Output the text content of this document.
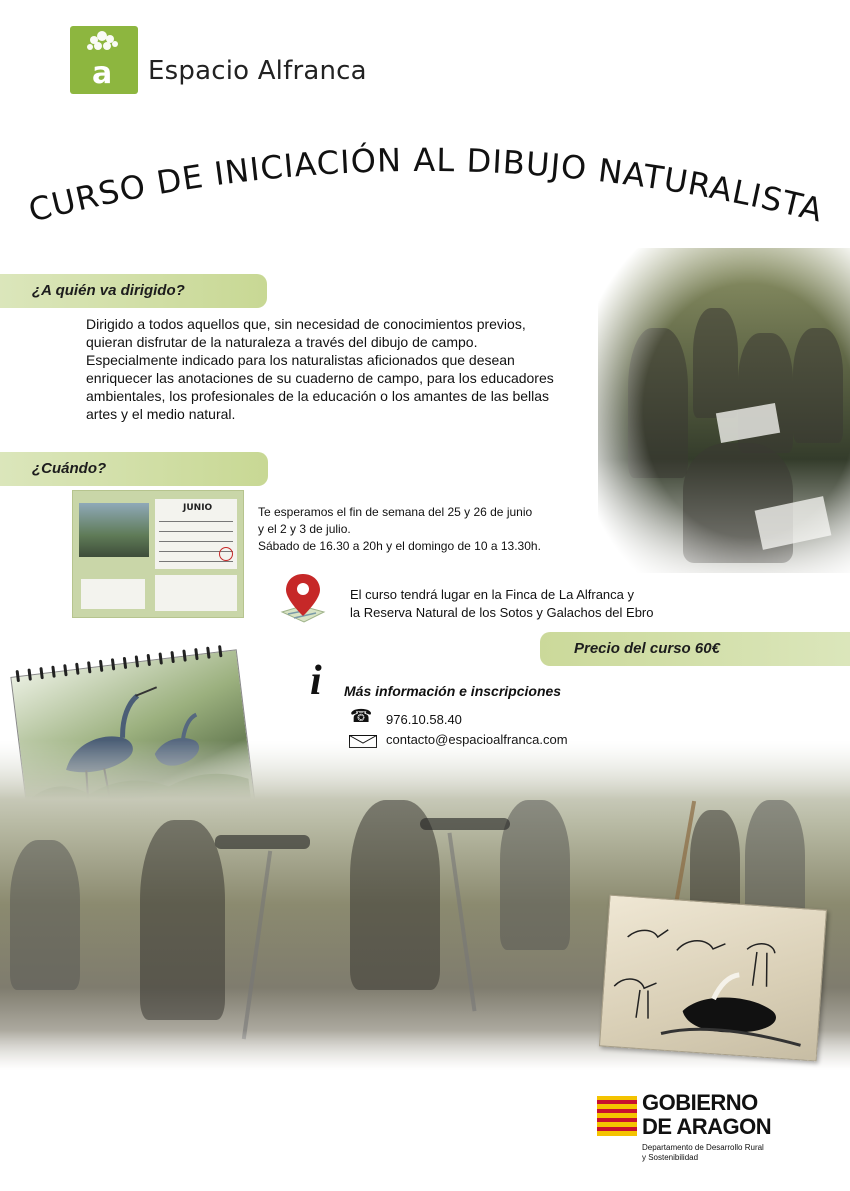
a Espacio Alfranca
CURSO DE INICIACIÓN AL DIBUJO NATURALISTA
¿A quién va dirigido?
Dirigido a todos aquellos que, sin necesidad de conocimientos previos,
quieran disfrutar de la naturaleza a través del dibujo de campo.
Especialmente indicado para los naturalistas aficionados que desean
enriquecer las anotaciones de su cuaderno de campo, para los educadores
ambientales, los profesionales de la educación o los amantes de las bellas
artes y el medio natural.
¿Cuándo?
JUNIO	Te esperamos el fin de semana del 25 y 26 de junio
y el 2 y 3 de julio.
Sábado de 16.30 a 20h y el domingo de 10 a 13.30h.
El curso tendrá lugar en la Finca de La Alfranca y
la Reserva Natural de los Sotos y Galachos del Ebro
Precio del curso 60€
i Más información e inscripciones
☎ 976.10.58.40
GOBIERNO
DE ARAGON
Departamento de Desarrollo Rural
y Sostenibilidad
